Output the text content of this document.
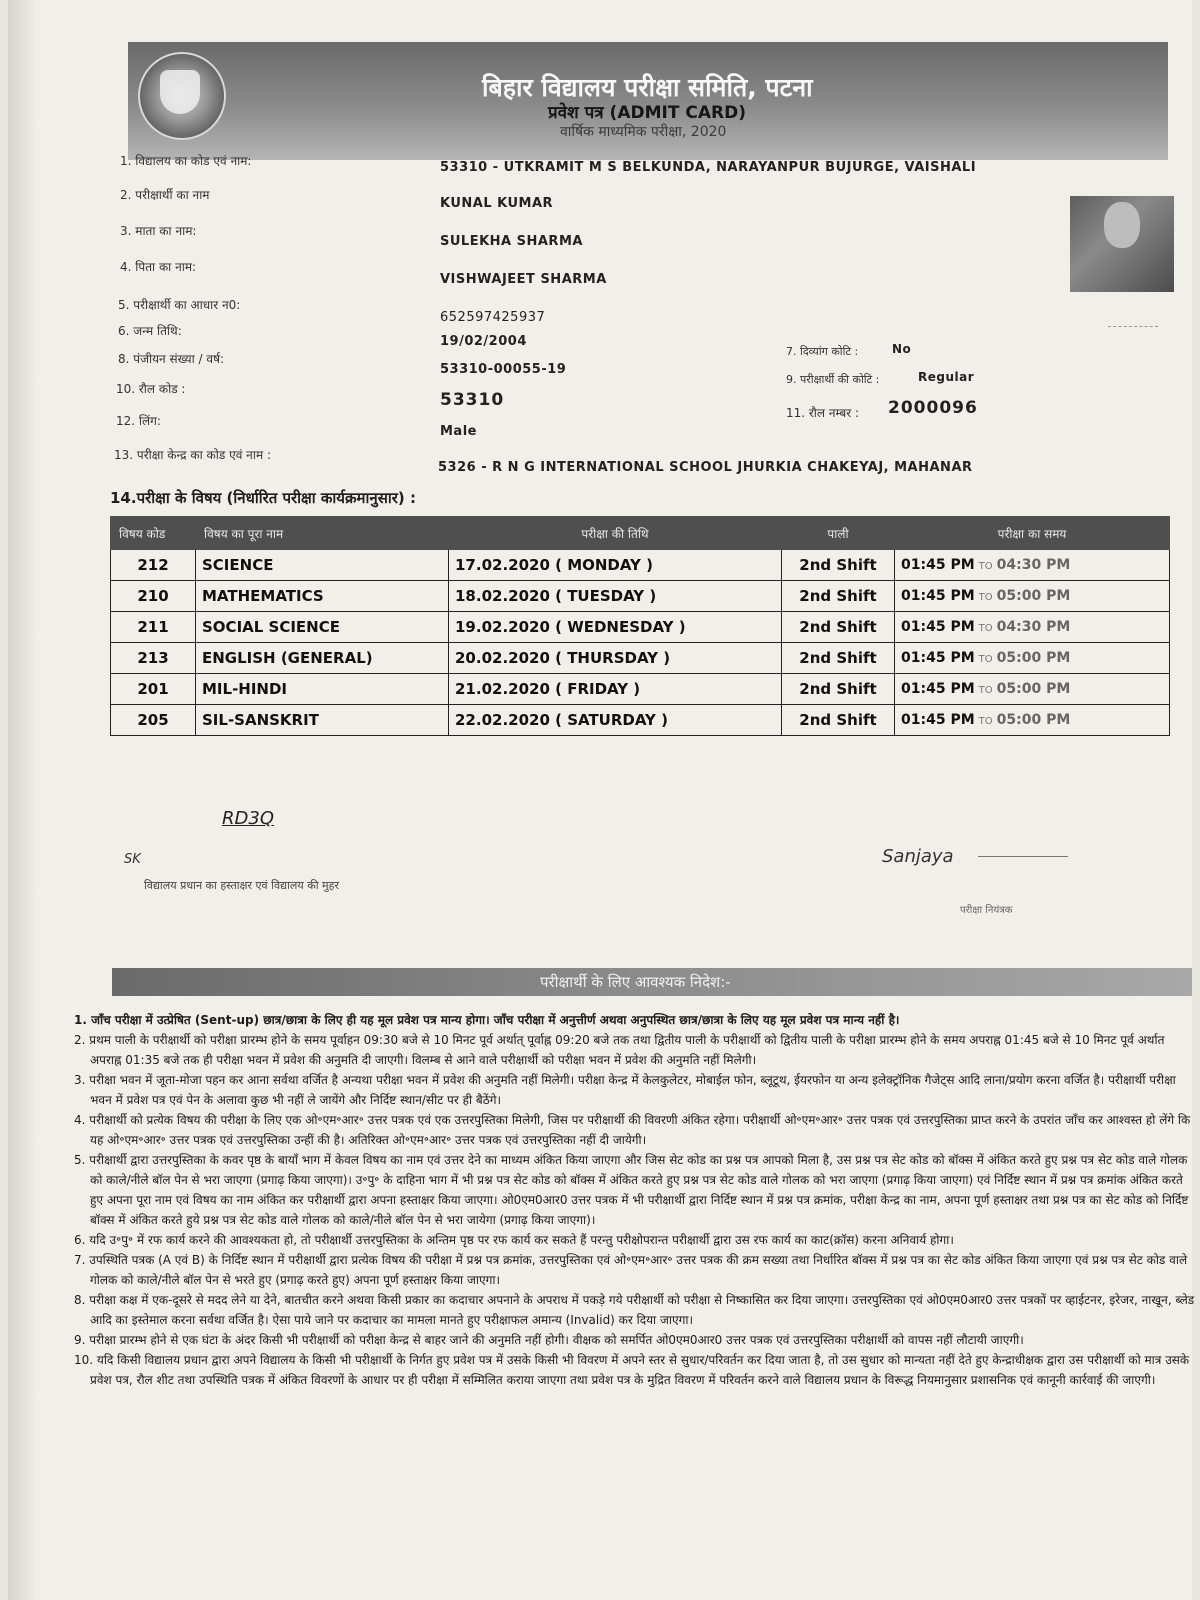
बिहार विद्यालय परीक्षा समिति, पटना
प्रवेश पत्र (ADMIT CARD)
वार्षिक माध्यमिक परीक्षा, 2020
1. विद्यालय का कोड एवं नाम:	53310 - UTKRAMIT M S BELKUNDA, NARAYANPUR BUJURGE, VAISHALI
2. परीक्षार्थी का नाम
KUNAL KUMAR
3. माता का नाम:
SULEKHA SHARMA
4. पिता का नाम:
VISHWAJEET SHARMA
5. परीक्षार्थी का आधार न0:
652597425937
6. जन्म तिथि:
19/02/2004
8. पंजीयन संख्या / वर्ष:
53310-00055-19
10. रौल कोड :
53310
12. लिंग:
Male
13. परीक्षा केन्द्र का कोड एवं नाम :
5326 - R N G INTERNATIONAL SCHOOL JHURKIA CHAKEYAJ, MAHANAR
7. दिव्यांग कोटि :	No
9. परीक्षार्थी की कोटि :	Regular
11. रौल नम्बर : 2000096
14.परीक्षा के विषय (निर्धारित परीक्षा कार्यक्रमानुसार) :
विषय कोड	विषय का पूरा नाम	परीक्षा की तिथि	पाली	परीक्षा का समय
212	SCIENCE	17.02.2020 ( MONDAY )	2nd Shift	01:45 PM TO 04:30 PM
210	MATHEMATICS	18.02.2020 ( TUESDAY )	2nd Shift	01:45 PM TO 05:00 PM
211	SOCIAL SCIENCE	19.02.2020 ( WEDNESDAY )	2nd Shift	01:45 PM TO 04:30 PM
213	ENGLISH (GENERAL)	20.02.2020 ( THURSDAY )	2nd Shift	01:45 PM TO 05:00 PM
201	MIL-HINDI	21.02.2020 ( FRIDAY )	2nd Shift	01:45 PM TO 05:00 PM
205	SIL-SANSKRIT	22.02.2020 ( SATURDAY )	2nd Shift	01:45 PM TO 05:00 PM
RD3Q
SK
विद्यालय प्रधान का हस्ताक्षर एवं विद्यालय की मुहर
Sanjaya
परीक्षा नियंत्रक
परीक्षार्थी के लिए आवश्यक निदेश:-

1. जाँच परीक्षा में उत्प्रेषित (Sent-up) छात्र/छात्रा के लिए ही यह मूल प्रवेश पत्र मान्य होगा। जाँच परीक्षा में अनुत्तीर्ण अथवा अनुपस्थित छात्र/छात्रा के लिए यह मूल प्रवेश पत्र मान्य नहीं है।

2. प्रथम पाली के परीक्षार्थी को परीक्षा प्रारम्भ होने के समय पूर्वाहन 09:30 बजे से 10 मिनट पूर्व अर्थात् पूर्वाह्न 09:20 बजे तक तथा द्वितीय पाली के परीक्षार्थी को द्वितीय पाली के परीक्षा प्रारम्भ होने के समय अपराह्न 01:45 बजे से 10 मिनट पूर्व अर्थात अपराह्न 01:35 बजे तक ही परीक्षा भवन में प्रवेश की अनुमति दी जाएगी। विलम्ब से आने वाले परीक्षार्थी को परीक्षा भवन में प्रवेश की अनुमति नहीं मिलेगी।

3. परीक्षा भवन में जूता-मोजा पहन कर आना सर्वथा वर्जित है अन्यथा परीक्षा भवन में प्रवेश की अनुमति नहीं मिलेगी। परीक्षा केन्द्र में केलकुलेटर, मोबाईल फोन, ब्लूटूथ, ईयरफोन या अन्य इलेक्ट्रॉनिक गैजेट्स आदि लाना/प्रयोग करना वर्जित है। परीक्षार्थी परीक्षा भवन में प्रवेश पत्र एवं पेन के अलावा कुछ भी नहीं ले जायेंगे और निर्दिष्ट स्थान/सीट पर ही बैठेंगे।

4. परीक्षार्थी को प्रत्येक विषय की परीक्षा के लिए एक ओ॰एम॰आर॰ उत्तर पत्रक एवं एक उत्तरपुस्तिका मिलेगी, जिस पर परीक्षार्थी की विवरणी अंकित रहेगा। परीक्षार्थी ओ॰एम॰आर॰ उत्तर पत्रक एवं उत्तरपुस्तिका प्राप्त करने के उपरांत जाँच कर आश्वस्त हो लेंगे कि यह ओ॰एम॰आर॰ उत्तर पत्रक एवं उत्तरपुस्तिका उन्हीं की है। अतिरिक्त ओ॰एम॰आर॰ उत्तर पत्रक एवं उत्तरपुस्तिका नहीं दी जायेगी।

5. परीक्षार्थी द्वारा उत्तरपुस्तिका के कवर पृष्ठ के बायाँ भाग में केवल विषय का नाम एवं उत्तर देने का माध्यम अंकित किया जाएगा और जिस सेट कोड का प्रश्न पत्र आपको मिला है, उस प्रश्न पत्र सेट कोड को बॉक्स में अंकित करते हुए प्रश्न पत्र सेट कोड वाले गोलक को काले/नीले बॉल पेन से भरा जाएगा (प्रगाढ़ किया जाएगा)। उ॰पु॰ के दाहिना भाग में भी प्रश्न पत्र सेट कोड को बॉक्स में अंकित करते हुए प्रश्न पत्र सेट कोड वाले गोलक को भरा जाएगा (प्रगाढ़ किया जाएगा) एवं निर्दिष्ट स्थान में प्रश्न पत्र क्रमांक अंकित करते हुए अपना पूरा नाम एवं विषय का नाम अंकित कर परीक्षार्थी द्वारा अपना हस्ताक्षर किया जाएगा। ओ0एम0आर0 उत्तर पत्रक में भी परीक्षार्थी द्वारा निर्दिष्ट स्थान में प्रश्न पत्र क्रमांक, परीक्षा केन्द्र का नाम, अपना पूर्ण हस्ताक्षर तथा प्रश्न पत्र का सेट कोड को निर्दिष्ट बॉक्स में अंकित करते हुये प्रश्न पत्र सेट कोड वाले गोलक को काले/नीले बॉल पेन से भरा जायेगा (प्रगाढ़ किया जाएगा)।

6. यदि उ॰पु॰ में रफ कार्य करने की आवश्यकता हो, तो परीक्षार्थी उत्तरपुस्तिका के अन्तिम पृष्ठ पर रफ कार्य कर सकते हैं परन्तु परीक्षोपरान्त परीक्षार्थी द्वारा उस रफ कार्य का काट(क्रॉस) करना अनिवार्य होगा।

7. उपस्थिति पत्रक (A एवं B) के निर्दिष्ट स्थान में परीक्षार्थी द्वारा प्रत्येक विषय की परीक्षा में प्रश्न पत्र क्रमांक, उत्तरपुस्तिका एवं ओ॰एम॰आर॰ उत्तर पत्रक की क्रम सख्या तथा निर्धारित बॉक्स में प्रश्न पत्र का सेट कोड अंकित किया जाएगा एवं प्रश्न पत्र सेट कोड वाले गोलक को काले/नीले बॉल पेन से भरते हुए (प्रगाढ़ करते हुए) अपना पूर्ण हस्ताक्षर किया जाएगा।

8. परीक्षा कक्ष में एक-दूसरे से मदद लेने या देने, बातचीत करने अथवा किसी प्रकार का कदाचार अपनाने के अपराध में पकड़े गये परीक्षार्थी को परीक्षा से निष्कासित कर दिया जाएगा। उत्तरपुस्तिका एवं ओ0एम0आर0 उत्तर पत्रकों पर व्हाईटनर, इरेजर, नाखून, ब्लेड आदि का इस्तेमाल करना सर्वथा वर्जित है। ऐसा पाये जाने पर कदाचार का मामला मानते हुए परीक्षाफल अमान्य (Invalid) कर दिया जाएगा।

9. परीक्षा प्रारम्भ होने से एक घंटा के अंदर किसी भी परीक्षार्थी को परीक्षा केन्द्र से बाहर जाने की अनुमति नहीं होगी। वीक्षक को समर्पित ओ0एम0आर0 उत्तर पत्रक एवं उत्तरपुस्तिका परीक्षार्थी को वापस नहीं लौटायी जाएगी।

10. यदि किसी विद्यालय प्रधान द्वारा अपने विद्यालय के किसी भी परीक्षार्थी के निर्गत हुए प्रवेश पत्र में उसके किसी भी विवरण में अपने स्तर से सुधार/परिवर्तन कर दिया जाता है, तो उस सुधार को मान्यता नहीं देते हुए केन्द्राधीक्षक द्वारा उस परीक्षार्थी को मात्र उसके प्रवेश पत्र, रौल शीट तथा उपस्थिति पत्रक में अंकित विवरणों के आधार पर ही परीक्षा में सम्मिलित कराया जाएगा तथा प्रवेश पत्र के मुद्रित विवरण में परिवर्तन करने वाले विद्यालय प्रधान के विरूद्ध नियमानुसार प्रशासनिक एवं कानूनी कार्रवाई की जाएगी।
